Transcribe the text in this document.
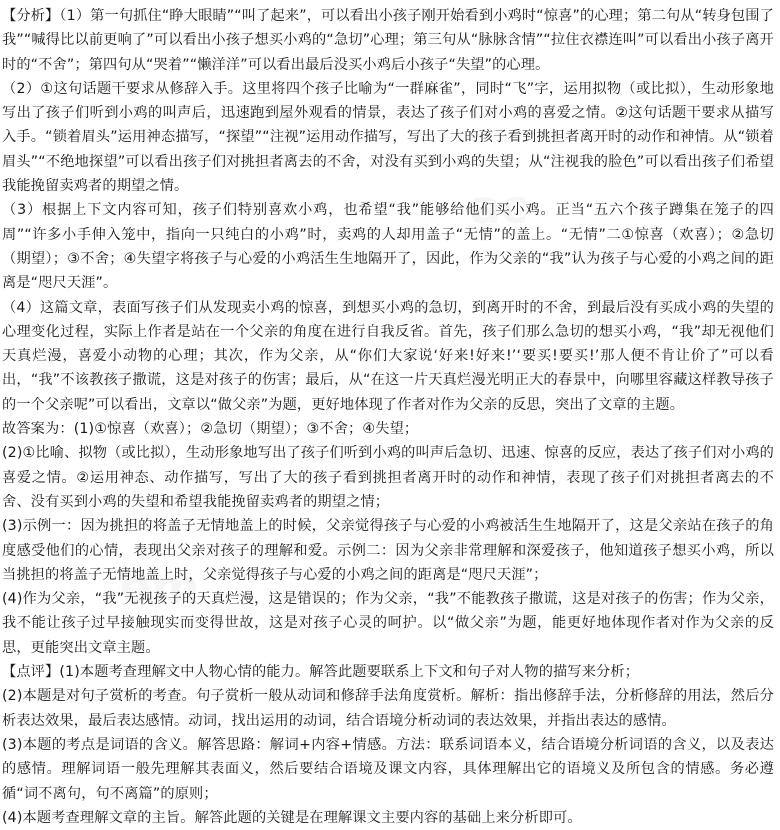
【分析】（1）第一句抓住“睁大眼睛”“叫了起来”，可以看出小孩子刚开始看到小鸡时“惊喜”的心理；第二句从“转身包围了我”“喊得比以前更响了”可以看出小孩子想买小鸡的“急切”心理；第三句从“脉脉含情”“拉住衣襟连叫”可以看出小孩子离开时的“不舍”；第四句从“哭着”“懒洋洋”可以看出最后没买小鸡后小孩子“失望”的心理。

（2）①这句话题干要求从修辞入手。这里将四个孩子比喻为“一群麻雀”，同时“飞”字，运用拟物（或比拟），生动形象地写出了孩子们听到小鸡的叫声后，迅速跑到屋外观看的情景，表达了孩子们对小鸡的喜爱之情。②这句话题干要求从描写入手。“锁着眉头”运用神态描写，“探望”“注视”运用动作描写，写出了大的孩子看到挑担者离开时的动作和神情。从“锁着眉头”“不绝地探望”可以看出孩子们对挑担者离去的不舍，对没有买到小鸡的失望；从“注视我的脸色”可以看出孩子们希望我能挽留卖鸡者的期望之情。

（3）根据上下文内容可知，孩子们特别喜欢小鸡，也希望“我”能够给他们买小鸡。正当“五六个孩子蹲集在笼子的四周”“许多小手伸入笼中，指向一只纯白的小鸡”时，卖鸡的人却用盖子“无情”的盖上。“无情”二①惊喜（欢喜）；②急切（期望）；③不舍；④失望字将孩子与心爱的小鸡活生生地隔开了，因此，作为父亲的“我”认为孩子与心爱的小鸡之间的距离是“咫尺天涯”。

（4）这篇文章，表面写孩子们从发现卖小鸡的惊喜，到想买小鸡的急切，到离开时的不舍，到最后没有买成小鸡的失望的心理变化过程，实际上作者是站在一个父亲的角度在进行自我反省。首先，孩子们那么急切的想买小鸡，“我”却无视他们天真烂漫，喜爱小动物的心理；其次，作为父亲，从“你们大家说‘好来!好来!’‘要买!要买!’那人便不肯让价了”可以看出，“我”不该教孩子撒谎，这是对孩子的伤害；最后，从“在这一片天真烂漫光明正大的春景中，向哪里容藏这样教导孩子的一个父亲呢”可以看出，文章以“做父亲”为题，更好地体现了作者对作为父亲的反思，突出了文章的主题。

故答案为：(1)①惊喜（欢喜）；②急切（期望）；③不舍；④失望；

(2)①比喻、拟物（或比拟），生动形象地写出了孩子们听到小鸡的叫声后急切、迅速、惊喜的反应，表达了孩子们对小鸡的喜爱之情。②运用神态、动作描写，写出了大的孩子看到挑担者离开时的动作和神情，表现了孩子们对挑担者离去的不舍、没有买到小鸡的失望和希望我能挽留卖鸡者的期望之情；

(3)示例一：因为挑担的将盖子无情地盖上的时候，父亲觉得孩子与心爱的小鸡被活生生地隔开了，这是父亲站在孩子的角度感受他们的心情，表现出父亲对孩子的理解和爱。示例二：因为父亲非常理解和深爱孩子，他知道孩子想买小鸡，所以当挑担的将盖子无情地盖上时，父亲觉得孩子与心爱的小鸡之间的距离是“咫尺天涯”；

(4)作为父亲，“我”无视孩子的天真烂漫，这是错误的；作为父亲，“我”不能教孩子撒谎，这是对孩子的伤害；作为父亲，我不能让孩子过早接触现实而变得世故，这是对孩子心灵的呵护。以“做父亲”为题，能更好地体现作者对作为父亲的反思，更能突出文章主题。

【点评】(1)本题考查理解文中人物心情的能力。解答此题要联系上下文和句子对人物的描写来分析；

(2)本题是对句子赏析的考查。句子赏析一般从动词和修辞手法角度赏析。解析：指出修辞手法，分析修辞的用法，然后分析表达效果，最后表达感情。动词，找出运用的动词，结合语境分析动词的表达效果，并指出表达的感情。

(3)本题的考点是词语的含义。解答思路：解词+内容+情感。方法：联系词语本义，结合语境分析词语的含义，以及表达的感情。理解词语一般先理解其表面义，然后要结合语境及课文内容，具体理解出它的语境义及所包含的情感。务必遵循“词不离句，句不离篇”的原则；

(4)本题考查理解文章的主旨。解答此题的关键是在理解课文主要内容的基础上来分析即可。
